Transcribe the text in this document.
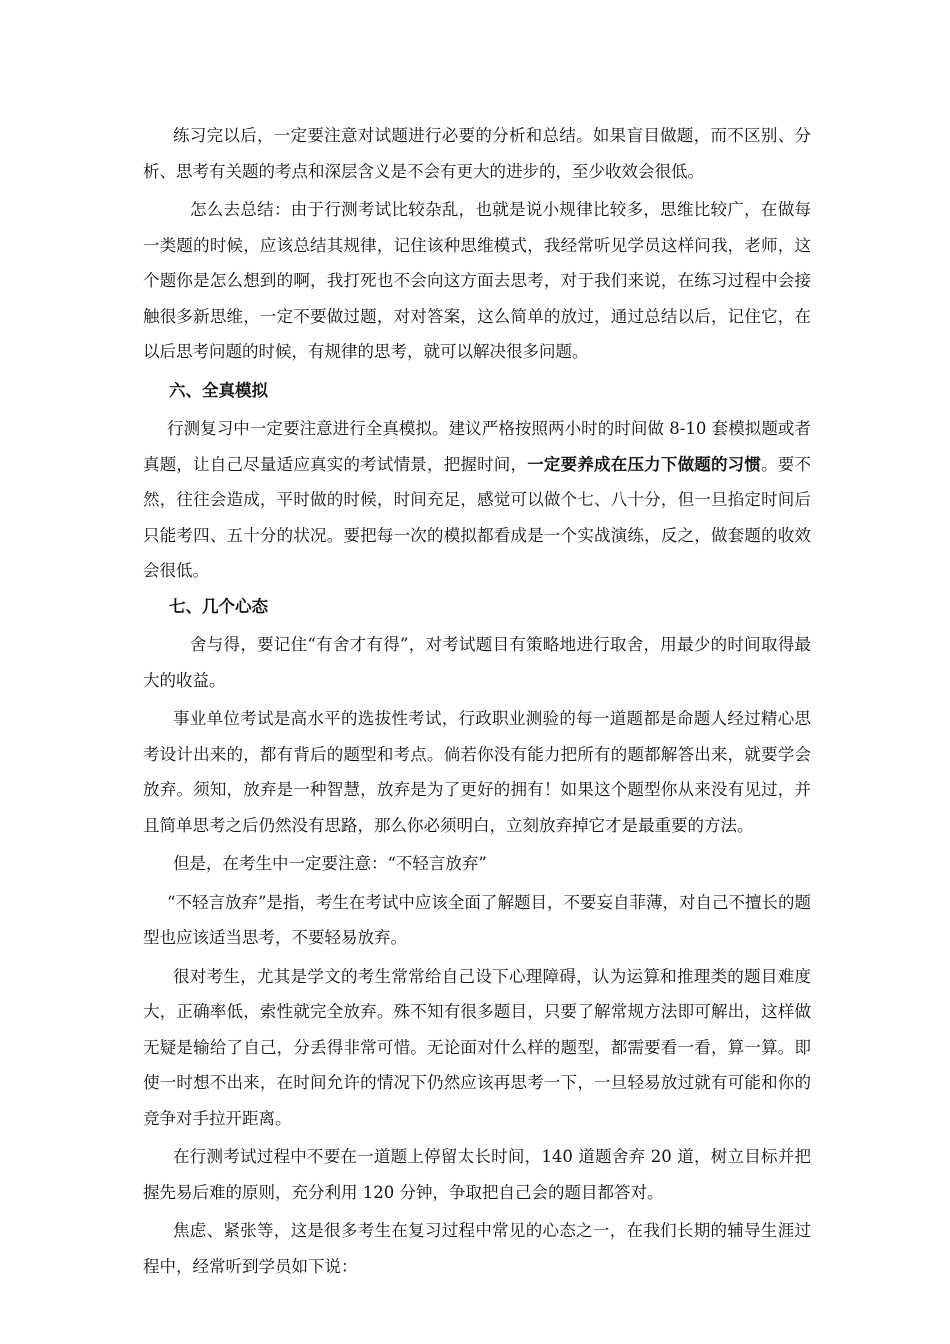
练习完以后，一定要注意对试题进行必要的分析和总结。如果盲目做题，而不区别、分析、思考有关题的考点和深层含义是不会有更大的进步的，至少收效会很低。

怎么去总结：由于行测考试比较杂乱，也就是说小规律比较多，思维比较广，在做每一类题的时候，应该总结其规律，记住该种思维模式，我经常听见学员这样问我，老师，这个题你是怎么想到的啊，我打死也不会向这方面去思考，对于我们来说，在练习过程中会接触很多新思维，一定不要做过题，对对答案，这么简单的放过，通过总结以后，记住它，在以后思考问题的时候，有规律的思考，就可以解决很多问题。

六、全真模拟

行测复习中一定要注意进行全真模拟。建议严格按照两小时的时间做 8-10 套模拟题或者真题，让自己尽量适应真实的考试情景，把握时间，一定要养成在压力下做题的习惯。要不然，往往会造成，平时做的时候，时间充足，感觉可以做个七、八十分，但一旦掐定时间后只能考四、五十分的状况。要把每一次的模拟都看成是一个实战演练，反之，做套题的收效会很低。

七、几个心态

舍与得，要记住“有舍才有得”，对考试题目有策略地进行取舍，用最少的时间取得最大的收益。

事业单位考试是高水平的选拔性考试，行政职业测验的每一道题都是命题人经过精心思考设计出来的，都有背后的题型和考点。倘若你没有能力把所有的题都解答出来，就要学会放弃。须知，放弃是一种智慧，放弃是为了更好的拥有！如果这个题型你从来没有见过，并且简单思考之后仍然没有思路，那么你必须明白，立刻放弃掉它才是最重要的方法。

但是，在考生中一定要注意：“不轻言放弃”

“不轻言放弃”是指，考生在考试中应该全面了解题目，不要妄自菲薄，对自己不擅长的题型也应该适当思考，不要轻易放弃。

很对考生，尤其是学文的考生常常给自己设下心理障碍，认为运算和推理类的题目难度大，正确率低，索性就完全放弃。殊不知有很多题目，只要了解常规方法即可解出，这样做无疑是输给了自己，分丢得非常可惜。无论面对什么样的题型，都需要看一看，算一算。即使一时想不出来，在时间允许的情况下仍然应该再思考一下，一旦轻易放过就有可能和你的竞争对手拉开距离。

在行测考试过程中不要在一道题上停留太长时间，140 道题舍弃 20 道，树立目标并把握先易后难的原则，充分利用 120 分钟，争取把自己会的题目都答对。

焦虑、紧张等，这是很多考生在复习过程中常见的心态之一，在我们长期的辅导生涯过程中，经常听到学员如下说：
